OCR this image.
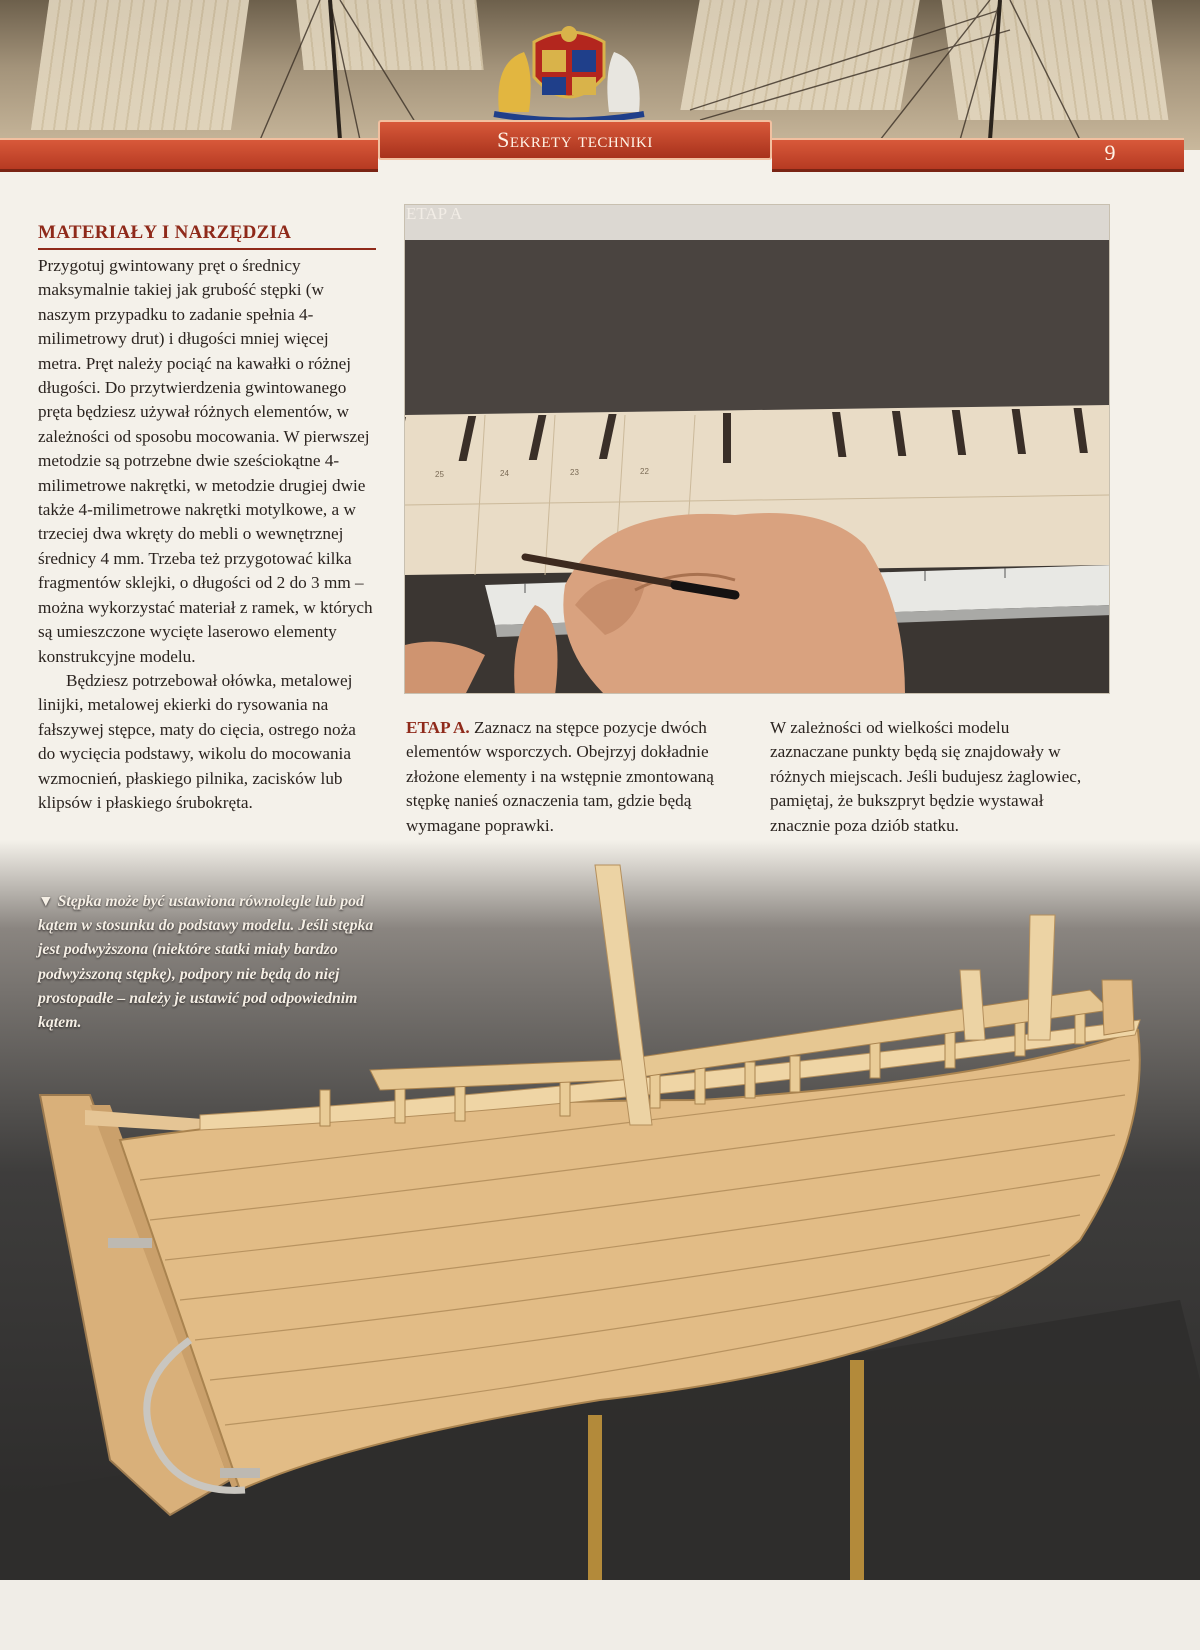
Sekrety techniki
9
MATERIAŁY I NARZĘDZIA

Przygotuj gwintowany pręt o średnicy maksymalnie takiej jak grubość stępki (w naszym przypadku to zadanie spełnia 4-milimetrowy drut) i długości mniej więcej metra. Pręt należy pociąć na kawałki o różnej długości. Do przytwierdzenia gwintowanego pręta będziesz używał różnych elementów, w zależności od sposobu mocowania. W pierwszej metodzie są potrzebne dwie sześciokątne 4-milimetrowe nakrętki, w metodzie drugiej dwie także 4-milimetrowe nakrętki motylkowe, a w trzeciej dwa wkręty do mebli o wewnętrznej średnicy 4 mm. Trzeba też przygotować kilka fragmentów sklejki, o długości od 2 do 3 mm – można wykorzystać materiał z ramek, w których są umieszczone wycięte laserowo elementy konstrukcyjne modelu.

Będziesz potrzebował ołówka, metalowej linijki, metalowej ekierki do rysowania na fałszywej stępce, maty do cięcia, ostrego noża do wycięcia podstawy, wikolu do mocowania wzmocnień, płaskiego pilnika, zacisków lub klipsów i płaskiego śrubokręta.

25	24	23	22
ETAP A
ETAP A. Zaznacz na stępce pozycje dwóch elementów wsporczych. Obejrzyj dokładnie złożone elementy i na wstępnie zmontowaną stępkę nanieś oznaczenia tam, gdzie będą wymagane poprawki.
W zależności od wielkości modelu zaznaczane punkty będą się znajdowały w różnych miejscach. Jeśli budujesz żaglowiec, pamiętaj, że bukszpryt będzie wystawał znacznie poza dziób statku.
▼ Stępka może być ustawiona równolegle lub pod kątem w stosunku do podstawy modelu. Jeśli stępka jest podwyższona (niektóre statki miały bardzo podwyższoną stępkę), podpory nie będą do niej prostopadłe – należy je ustawić pod odpowiednim kątem.
